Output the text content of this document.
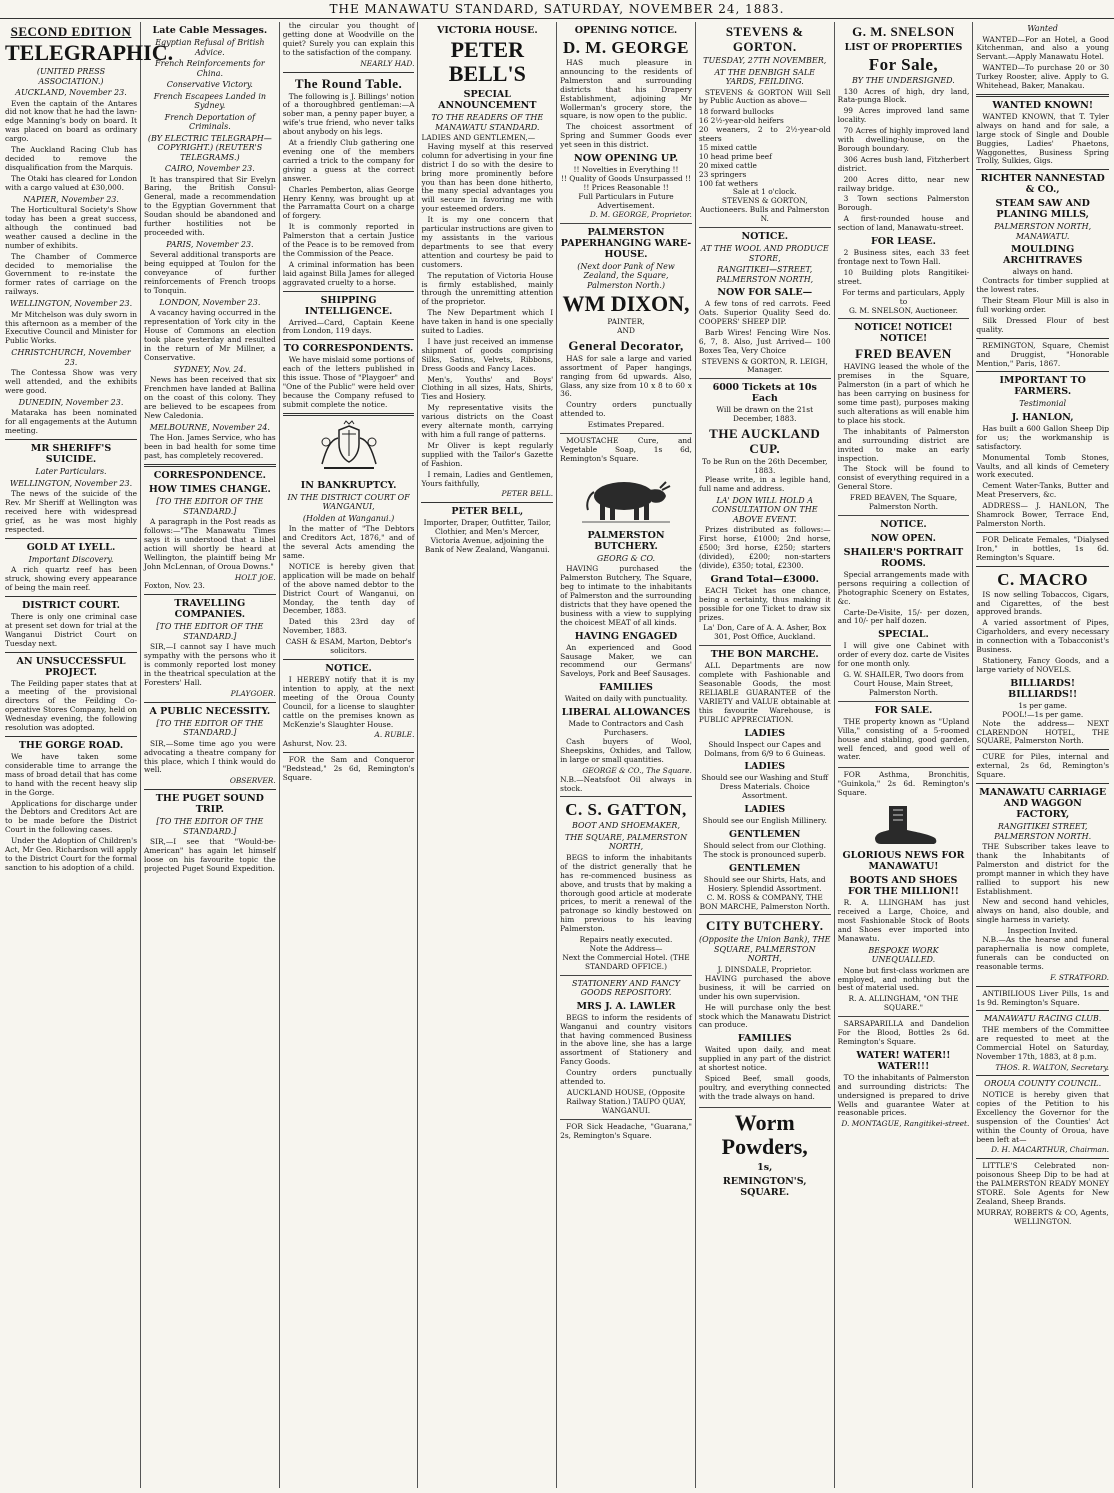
THE MANAWATU STANDARD, SATURDAY, NOVEMBER 24, 1883.
SECOND EDITION
TELEGRAPHIC.
(UNITED PRESS ASSOCIATION.)
AUCKLAND, November 23.

Even the captain of the Antares did not know that he had the lawn-edge Manning's body on board. It was placed on board as ordinary cargo.

The Auckland Racing Club has decided to remove the disqualification from the Marquis.

The Otaki has cleared for London with a cargo valued at £30,000.

NAPIER, November 23.

The Horticultural Society's Show today has been a great success, although the continued bad weather caused a decline in the number of exhibits.

The Chamber of Commerce decided to memorialise the Government to re-instate the former rates of carriage on the railways.

WELLINGTON, November 23.

Mr Mitchelson was duly sworn in this afternoon as a member of the Executive Council and Minister for Public Works.

CHRISTCHURCH, November 23.

The Contessa Show was very well attended, and the exhibits were good.

DUNEDIN, November 23.

Mataraka has been nominated for all engagements at the Autumn meeting.

MR SHERIFF'S SUICIDE.
Later Particulars.
WELLINGTON, November 23.

The news of the suicide of the Rev. Mr Sheriff at Wellington was received here with widespread grief, as he was most highly respected.

GOLD AT LYELL.
Important Discovery.

A rich quartz reef has been struck, showing every appearance of being the main reef.

DISTRICT COURT.

There is only one criminal case at present set down for trial at the Wanganui District Court on Tuesday next.

AN UNSUCCESSFUL PROJECT.

The Feilding paper states that at a meeting of the provisional directors of the Feilding Co-operative Stores Company, held on Wednesday evening, the following resolution was adopted.

THE GORGE ROAD.

We have taken some considerable time to arrange the mass of broad detail that has come to hand with the recent heavy slip in the Gorge.

Applications for discharge under the Debtors and Creditors Act are to be made before the District Court in the following cases.

Under the Adoption of Children's Act, Mr Geo. Richardson will apply to the District Court for the formal sanction to his adoption of a child.

Late Cable Messages.
Egyptian Refusal of British Advice.
French Reinforcements for China.
Conservative Victory.
French Escapees Landed in Sydney.
French Deportation of Criminals.
(BY ELECTRIC TELEGRAPH—COPYRIGHT.) (REUTER'S TELEGRAMS.)
CAIRO, November 23.

It has transpired that Sir Evelyn Baring, the British Consul-General, made a recommendation to the Egyptian Government that Soudan should be abandoned and further hostilities not be proceeded with.

PARIS, November 23.

Several additional transports are being equipped at Toulon for the conveyance of further reinforcements of French troops to Tonquin.

LONDON, November 23.

A vacancy having occurred in the representation of York city in the House of Commons an election took place yesterday and resulted in the return of Mr Millner, a Conservative.

SYDNEY, Nov. 24.

News has been received that six Frenchmen have landed at Ballina on the coast of this colony. They are believed to be escapees from New Caledonia.

MELBOURNE, November 24.

The Hon. James Service, who has been in bad health for some time past, has completely recovered.

CORRESPONDENCE.
HOW TIMES CHANGE.
[TO THE EDITOR OF THE STANDARD.]

A paragraph in the Post reads as follows:—"The Manawatu Times says it is understood that a libel action will shortly be heard at Wellington, the plaintiff being Mr John McLennan, of Oroua Downs."

HOLT JOE.
Foxton, Nov. 23.
TRAVELLING COMPANIES.
[TO THE EDITOR OF THE STANDARD.]

SIR,—I cannot say I have much sympathy with the persons who it is commonly reported lost money in the theatrical speculation at the Foresters' Hall.

PLAYGOER.
A PUBLIC NECESSITY.
[TO THE EDITOR OF THE STANDARD.]

SIR,—Some time ago you were advocating a theatre company for this place, which I think would do well.

OBSERVER.
THE PUGET SOUND TRIP.
[TO THE EDITOR OF THE STANDARD.]

SIR,—I see that "Would-be-American" has again let himself loose on his favourite topic the projected Puget Sound Expedition.

the circular you thought of getting done at Woodville on the quiet? Surely you can explain this to the satisfaction of the company.

NEARLY HAD.
The Round Table.

The following is J. Billings' notion of a thoroughbred gentleman:—A sober man, a penny paper buyer, a wife's true friend, who never talks about anybody on his legs.

At a friendly Club gathering one evening one of the members carried a trick to the company for giving a guess at the correct answer.

Charles Pemberton, alias George Henry Kenny, was brought up at the Parramatta Court on a charge of forgery.

It is commonly reported in Palmerston that a certain Justice of the Peace is to be removed from the Commission of the Peace.

A criminal information has been laid against Billa James for alleged aggravated cruelty to a horse.

SHIPPING INTELLIGENCE.

Arrived—Card, Captain Keene from London, 119 days.

TO CORRESPONDENTS.

We have mislaid some portions of each of the letters published in this issue. Those of "Playgoer" and "One of the Public" were held over because the Company refused to submit complete the notice.

IN BANKRUPTCY.
IN THE DISTRICT COURT OF WANGANUI,
(Holden at Wanganui.)

In the matter of "The Debtors and Creditors Act, 1876," and of the several Acts amending the same.

NOTICE is hereby given that application will be made on behalf of the above named debtor to the District Court of Wanganui, on Monday, the tenth day of December, 1883.

Dated this 23rd day of November, 1883.

CASH & ESAM, Marton, Debtor's solicitors.
NOTICE.

I HEREBY notify that it is my intention to apply, at the next meeting of the Oroua County Council, for a license to slaughter cattle on the premises known as McKenzie's Slaughter House.

A. RUBLE.
Ashurst, Nov. 23.

FOR the Sam and Conqueror "Bedstead," 2s 6d, Remington's Square.

VICTORIA HOUSE.
PETER BELL'S
SPECIAL ANNOUNCEMENT
TO THE READERS OF THE MANAWATU STANDARD.
LADIES AND GENTLEMEN,—

Having myself at this reserved column for advertising in your fine district I do so with the desire to bring more prominently before you than has been done hitherto, the many special advantages you will secure in favoring me with your esteemed orders.

It is my one concern that particular instructions are given to my assistants in the various departments to see that every attention and courtesy be paid to customers.

The reputation of Victoria House is firmly established, mainly through the unremitting attention of the proprietor.

The New Department which I have taken in hand is one specially suited to Ladies.

I have just received an immense shipment of goods comprising Silks, Satins, Velvets, Ribbons, Dress Goods and Fancy Laces.

Men's, Youths' and Boys' Clothing in all sizes, Hats, Shirts, Ties and Hosiery.

My representative visits the various districts on the Coast every alternate month, carrying with him a full range of patterns.

Mr Oliver is kept regularly supplied with the Tailor's Gazette of Fashion.

I remain, Ladies and Gentlemen, Yours faithfully,

PETER BELL.
PETER BELL,
Importer, Draper, Outfitter, Tailor, Clothier, and Men's Mercer, Victoria Avenue, adjoining the Bank of New Zealand, Wanganui.
OPENING NOTICE.
D. M. GEORGE

HAS much pleasure in announcing to the residents of Palmerston and surrounding districts that his Drapery Establishment, adjoining Mr Wollerman's grocery store, the square, is now open to the public.

The choicest assortment of Spring and Summer Goods ever yet seen in this district.

NOW OPENING UP.
!! Novelties in Everything !!
!! Quality of Goods Unsurpassed !!
!! Prices Reasonable !!
Full Particulars in Future Advertisement.
D. M. GEORGE, Proprietor.
PALMERSTON PAPERHANGING WARE-HOUSE.
(Next door Pank of New Zealand, the Square, Palmerston North.)
WM DIXON,
PAINTER,
AND
General Decorator,

HAS for sale a large and varied assortment of Paper hangings, ranging from 6d upwards. Also, Glass, any size from 10 x 8 to 60 x 36.

Country orders punctually attended to.

Estimates Prepared.

MOUSTACHE Cure, and Vegetable Soap, 1s 6d, Remington's Square.

PALMERSTON BUTCHERY.
GEORG & CO.

HAVING purchased the Palmerston Butchery, The Square, beg to intimate to the inhabitants of Palmerston and the surrounding districts that they have opened the business with a view to supplying the choicest MEAT of all kinds.

HAVING ENGAGED

An experienced and Good Sausage Maker, we can recommend our Germans' Saveloys, Pork and Beef Sausages.

FAMILIES
Waited on daily with punctuality.
LIBERAL ALLOWANCES
Made to Contractors and Cash Purchasers.

Cash buyers of Wool, Sheepskins, Oxhides, and Tallow, in large or small quantities.

GEORGE & CO., The Square.
N.B.—Neatsfoot Oil always in stock.
C. S. GATTON,
BOOT AND SHOEMAKER,
THE SQUARE, PALMERSTON NORTH,

BEGS to inform the inhabitants of the district generally that he has re-commenced business as above, and trusts that by making a thorough good article at moderate prices, to merit a renewal of the patronage so kindly bestowed on him previous to his leaving Palmerston.

Repairs neatly executed.
Note the Address—
Next the Commercial Hotel. (THE STANDARD OFFICE.)
STATIONERY AND FANCY GOODS REPOSITORY.
MRS J. A. LAWLER

BEGS to inform the residents of Wanganui and country visitors that having commenced Business in the above line, she has a large assortment of Stationery and Fancy Goods.

Country orders punctually attended to.

AUCKLAND HOUSE, (Opposite Railway Station.) TAUPO QUAY, WANGANUI.

FOR Sick Headache, "Guarana," 2s, Remington's Square.

STEVENS & GORTON.
TUESDAY, 27TH NOVEMBER,
AT THE DENBIGH SALE YARDS, FEILDING.

STEVENS & GORTON Will Sell by Public Auction as above—

18 forward bullocks
16 2½-year-old heifers
20 weaners, 2 to 2½-year-old steers
15 mixed cattle
10 head prime beef
20 mixed cattle
23 springers
100 fat wethers
Sale at 1 o'clock.
STEVENS & GORTON, Auctioneers. Bulls and Palmerston N.
NOTICE.
AT THE WOOL AND PRODUCE STORE,
RANGITIKEI—STREET, PALMERSTON NORTH,
NOW FOR SALE—

A few tons of red carrots. Feed Oats. Superior Quality Seed do. COOPERS' SHEEP DIP.

Barb Wires! Fencing Wire Nos. 6, 7, 8. Also, Just Arrived— 100 Boxes Tea, Very Choice

STEVENS & GORTON, R. LEIGH, Manager.
6000 Tickets at 10s Each
Will be drawn on the 21st December, 1883.
THE AUCKLAND CUP.
To be Run on the 26th December, 1883.

Please write, in a legible hand, full name and address.

LA' DON WILL HOLD A CONSULTATION ON THE ABOVE EVENT.

Prizes distributed as follows:—First horse, £1000; 2nd horse, £500; 3rd horse, £250; starters (divided), £200; non-starters (divide), £350; total, £2300.

Grand Total—£3000.

EACH Ticket has one chance, being a certainty, thus making it possible for one Ticket to draw six prizes.

La' Don, Care of A. A. Asher, Box 301, Post Office, Auckland.
THE BON MARCHE.

ALL Departments are now complete with Fashionable and Seasonable Goods, the most RELIABLE GUARANTEE of the VARIETY and VALUE obtainable at this favourite Warehouse, is PUBLIC APPRECIATION.

LADIES
Should Inspect our Capes and Dolmans, from 6/9 to 6 Guineas.
LADIES
Should see our Washing and Stuff Dress Materials. Choice Assortment.
LADIES
Should see our English Millinery.
GENTLEMEN
Should select from our Clothing. The stock is pronounced superb.
GENTLEMEN
Should see our Shirts, Hats, and Hosiery. Splendid Assortment.
C. M. ROSS & COMPANY, THE BON MARCHE, Palmerston North.
CITY BUTCHERY.
(Opposite the Union Bank), THE SQUARE, PALMERSTON NORTH,
J. DINSDALE, Proprietor.

HAVING purchased the above business, it will be carried on under his own supervision.

He will purchase only the best stock which the Manawatu District can produce.

FAMILIES

Waited upon daily, and meat supplied in any part of the district at shortest notice.

Spiced Beef, small goods, poultry, and everything connected with the trade always on hand.

Worm Powders,
1s,
REMINGTON'S, SQUARE.
G. M. SNELSON
LIST OF PROPERTIES
For Sale,
BY THE UNDERSIGNED.

130 Acres of high, dry land, Rata-punga Block.

99 Acres improved land same locality.

70 Acres of highly improved land with dwelling-house, on the Borough boundary.

306 Acres bush land, Fitzherbert district.

200 Acres ditto, near new railway bridge.

3 Town sections Palmerston Borough.

A first-rounded house and section of land, Manawatu-street.

FOR LEASE.

2 Business sites, each 33 feet frontage next to Town Hall.

10 Building plots Rangitikei-street.

For terms and particulars, Apply to
G. M. SNELSON, Auctioneer.
NOTICE! NOTICE! NOTICE!
FRED BEAVEN

HAVING leased the whole of the premises in the Square, Palmerston (in a part of which he has been carrying on business for some time past), purposes making such alterations as will enable him to place his stock.

The inhabitants of Palmerston and surrounding district are invited to make an early inspection.

The Stock will be found to consist of everything required in a General Store.

FRED BEAVEN, The Square, Palmerston North.
NOTICE.
NOW OPEN.
SHAILER'S PORTRAIT ROOMS.

Special arrangements made with persons requiring a collection of Photographic Scenery on Estates, &c.

Carte-De-Visite, 15/- per dozen, and 10/- per half dozen.

SPECIAL.

I will give one Cabinet with order of every doz. carte de Visites for one month only.

G. W. SHAILER, Two doors from Court House, Main Street, Palmerston North.
FOR SALE.

THE property known as "Upland Villa," consisting of a 5-roomed house and stabling, good garden, well fenced, and good well of water.

FOR Asthma, Bronchitis, "Guinkola," 2s 6d. Remington's Square.

GLORIOUS NEWS FOR MANAWATU!
BOOTS AND SHOES FOR THE MILLION!!

R. A. LLINGHAM has just received a Large, Choice, and most Fashionable Stock of Boots and Shoes ever imported into Manawatu.

BESPOKE WORK UNEQUALLED.

None but first-class workmen are employed, and nothing but the best of material used.

R. A. ALLINGHAM, "ON THE SQUARE."

SARSAPARILLA and Dandelion For the Blood, Bottles 2s 6d. Remington's Square.

WATER! WATER!! WATER!!!

TO the inhabitants of Palmerston and surrounding districts: The undersigned is prepared to drive Wells and guarantee Water at reasonable prices.

D. MONTAGUE, Rangitikei-street.
Wanted

WANTED—For an Hotel, a Good Kitchenman, and also a young Servant.—Apply Manawatu Hotel.

WANTED—To purchase 20 or 30 Turkey Rooster, alive. Apply to G. Whitehead, Baker, Manakau.

WANTED KNOWN!

WANTED KNOWN, that T. Tyler always on hand and for sale, a large stock of Single and Double Buggies, Ladies' Phaetons, Waggonettes, Business Spring Trolly, Sulkies, Gigs.

RICHTER NANNESTAD & CO.,
STEAM SAW AND PLANING MILLS,
PALMERSTON NORTH, MANAWATU.
MOULDING ARCHITRAVES
always on hand.

Contracts for timber supplied at the lowest rates.

Their Steam Flour Mill is also in full working order.

Silk Dressed Flour of best quality.

REMINGTON, Square, Chemist and Druggist, "Honorable Mention," Paris, 1867.

IMPORTANT TO FARMERS.
Testimonial
J. HANLON,

Has built a 600 Gallon Sheep Dip for us; the workmanship is satisfactory.

Monumental Tomb Stones, Vaults, and all kinds of Cemetery work executed.

Cement Water-Tanks, Butter and Meat Preservers, &c.

ADDRESS— J. HANLON, The Shamrock Bower, Terrace End, Palmerston North.

FOR Delicate Females, "Dialysed Iron," in bottles, 1s 6d. Remington's Square.

C. MACRO

IS now selling Tobaccos, Cigars, and Cigarettes, of the best approved brands.

A varied assortment of Pipes, Cigarholders, and every necessary in connection with a Tobacconist's Business.

Stationery, Fancy Goods, and a large variety of NOVELS.

BILLIARDS! BILLIARDS!!
1s per game.
POOL!—1s per game.

Note the address— NEXT CLARENDON HOTEL, THE SQUARE, Palmerston North.

CURE for Piles, internal and external, 2s 6d, Remington's Square.

MANAWATU CARRIAGE AND WAGGON FACTORY,
RANGITIKEI STREET, PALMERSTON NORTH.

THE Subscriber takes leave to thank the Inhabitants of Palmerston and district for the prompt manner in which they have rallied to support his new Establishment.

New and second hand vehicles, always on hand, also double, and single harness in variety.

Inspection Invited.

N.B.—As the hearse and funeral paraphernalia is now complete, funerals can be conducted on reasonable terms.

F. STRATFORD.

ANTIBILIOUS Liver Pills, 1s and 1s 9d. Remington's Square.

MANAWATU RACING CLUB.

THE members of the Committee are requested to meet at the Commercial Hotel on Saturday, November 17th, 1883, at 8 p.m.

THOS. R. WALTON, Secretary.
OROUA COUNTY COUNCIL.

NOTICE is hereby given that copies of the Petition to his Excellency the Governor for the suspension of the Counties' Act within the County of Oroua, have been left at—

D. H. MACARTHUR, Chairman.

LITTLE'S Celebrated non-poisonous Sheep Dip to be had at the PALMERSTON READY MONEY STORE. Sole Agents for New Zealand, Sheep Brands.

MURRAY, ROBERTS & CO, Agents, WELLINGTON.
